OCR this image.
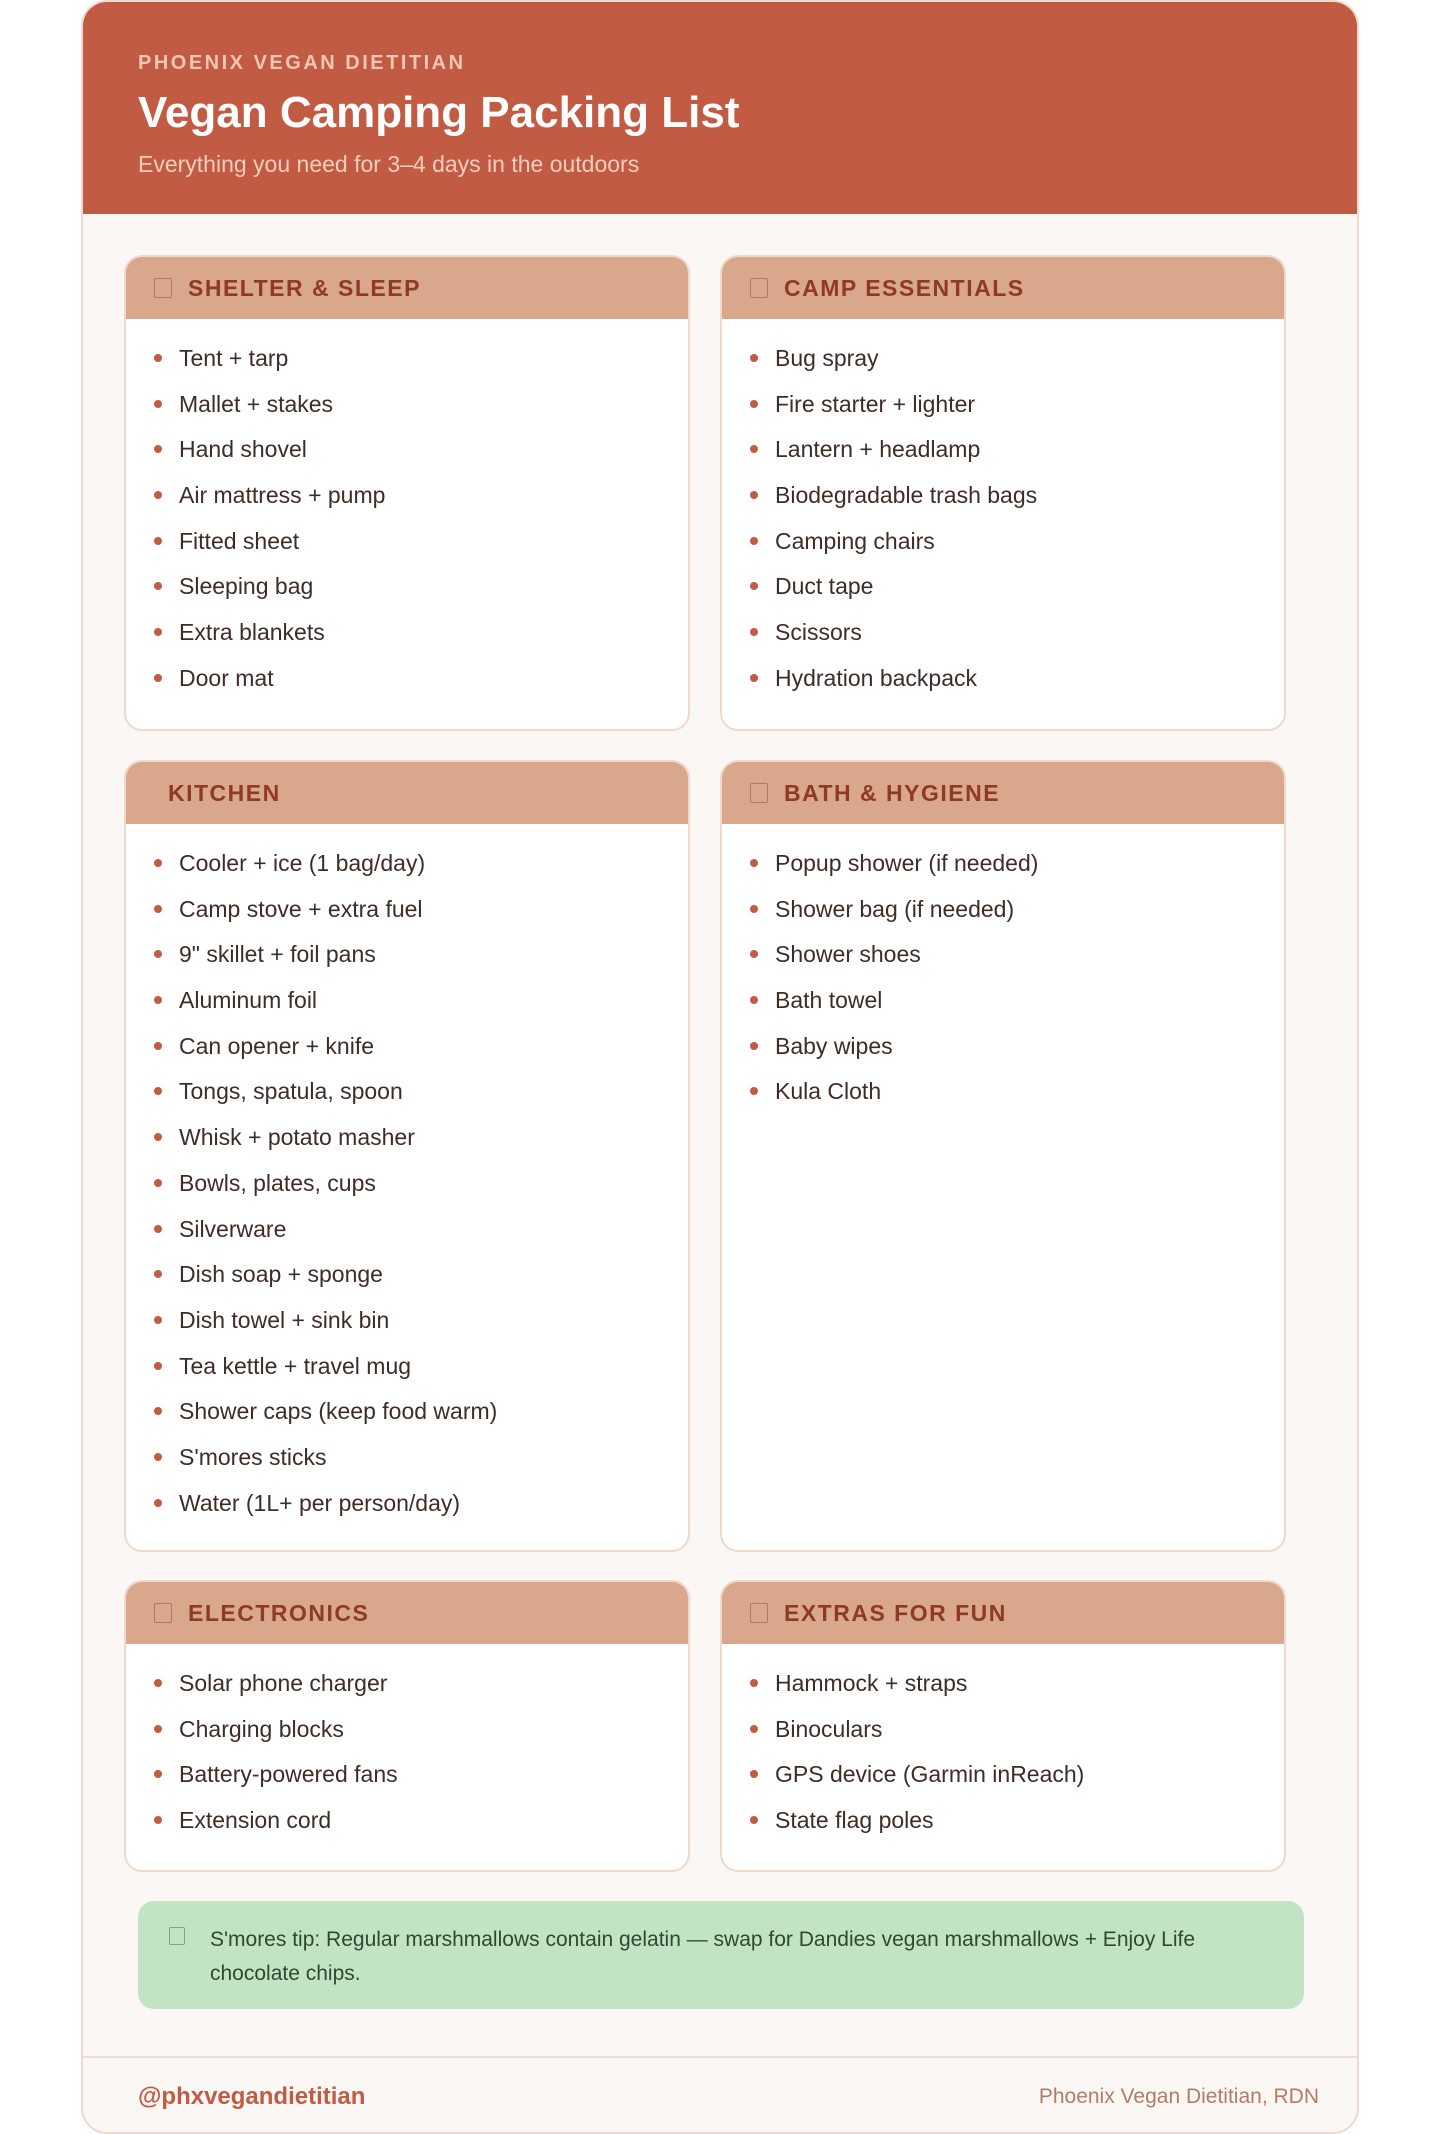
PHOENIX VEGAN DIETITIAN
Vegan Camping Packing List
Everything you need for 3–4 days in the outdoors
SHELTER & SLEEP
Tent + tarp
Mallet + stakes
Hand shovel
Air mattress + pump
Fitted sheet
Sleeping bag
Extra blankets
Door mat
CAMP ESSENTIALS
Bug spray
Fire starter + lighter
Lantern + headlamp
Biodegradable trash bags
Camping chairs
Duct tape
Scissors
Hydration backpack
KITCHEN
Cooler + ice (1 bag/day)
Camp stove + extra fuel
9" skillet + foil pans
Aluminum foil
Can opener + knife
Tongs, spatula, spoon
Whisk + potato masher
Bowls, plates, cups
Silverware
Dish soap + sponge
Dish towel + sink bin
Tea kettle + travel mug
Shower caps (keep food warm)
S'mores sticks
Water (1L+ per person/day)
BATH & HYGIENE
Popup shower (if needed)
Shower bag (if needed)
Shower shoes
Bath towel
Baby wipes
Kula Cloth
ELECTRONICS
Solar phone charger
Charging blocks
Battery-powered fans
Extension cord
EXTRAS FOR FUN
Hammock + straps
Binoculars
GPS device (Garmin inReach)
State flag poles
S'mores tip: Regular marshmallows contain gelatin — swap for Dandies vegan marshmallows + Enjoy Life chocolate chips.
@phxvegandietitian	Phoenix Vegan Dietitian, RDN
